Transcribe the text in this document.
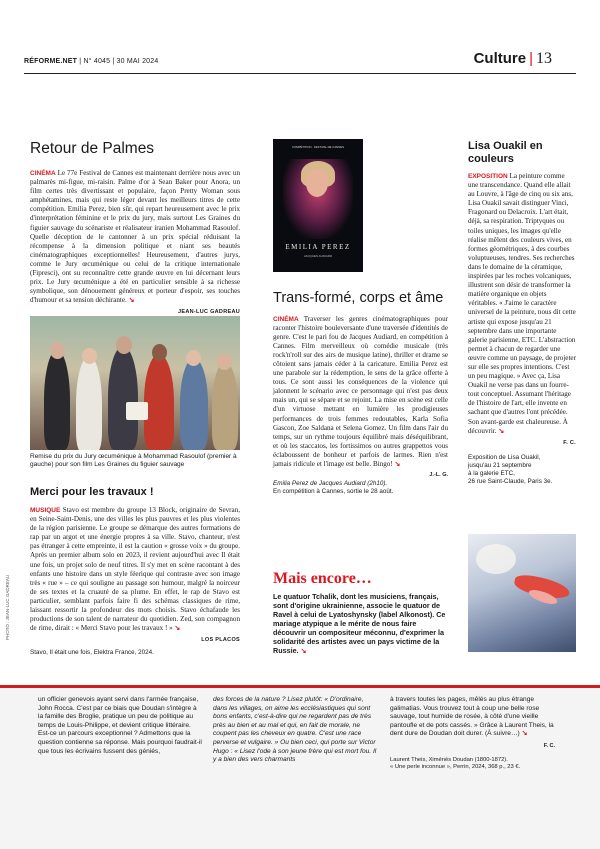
RÉFORME.NET | N° 4045 | 30 MAI 2024	Culture | 13
Retour de Palmes

CINÉMA Le 77e Festival de Cannes est maintenant derrière nous avec un palmarès mi-figue, mi-raisin. Palme d'or à Sean Baker pour Anora, un film certes très divertissant et populaire, façon Pretty Woman sous amphétamines, mais qui reste léger devant les meilleurs titres de cette compétition. Emilia Perez, bien sûr, qui repart heureusement avec le prix d'interprétation féminine et le prix du jury, mais surtout Les Graines du figuier sauvage du scénariste et réalisateur iranien Mohammad Rasoulof. Quelle déception de le cantonner à un prix spécial réduisant la récompense à la dimension politique et niant ses beautés cinématographiques exceptionnelles! Heureusement, d'autres jurys, comme le Jury œcuménique ou celui de la critique internationale (Fipresci), ont su reconnaître cette grande œuvre en lui décernant leurs prix. Le Jury œcuménique a été en particulier sensible à sa richesse symbolique, son dénouement généreux et porteur d'espoir, ses touches d'humour et sa tension déchirante. ↘

JEAN-LUC GADREAU
Remise du prix du Jury œcuménique à Mohammad Rasoulof (premier à gauche) pour son film Les Graines du figuier sauvage
Merci pour les travaux !

MUSIQUE Stavo est membre du groupe 13 Block, originaire de Sevran, en Seine-Saint-Denis, une des villes les plus pauvres et les plus violentes de la région parisienne. Le groupe se démarque des autres formations de rap par un argot et une énergie propres à sa ville. Stavo, chanteur, n'est pas étranger à cette empreinte, il est la caution « grosse voix » du groupe. Après un premier album solo en 2023, il revient aujourd'hui avec Il était une fois, un projet solo de neuf titres. Il s'y met en scène racontant à des enfants une histoire dans un style féerique qui contraste avec son image très « rue » – ce qui souligne au passage son humour, malgré la noirceur de ses textes et la cruauté de sa plume. En effet, le rap de Stavo est particulier, semblant parfois faire fi des schémas classiques de rime, laissant ressortir la profondeur des mots choisis. Stavo échafaude les productions de son talent de narrateur du quotidien. Zed, son compagnon de rime, dirait : « Merci Stavo pour les travaux ! » ↘

LOS PLACOS
Stavo, Il était une fois, Elektra France, 2024.
PHOTO : JEAN-LUC GADREAU
COMPÉTITION · FESTIVAL DE CANNES
EMILIA PEREZ
JACQUES AUDIARD
Trans-formé, corps et âme

CINÉMA Traverser les genres cinématographiques pour raconter l'histoire bouleversante d'une traversée d'identités de genre. C'est le pari fou de Jacques Audiard, en compétition à Cannes. Film merveilleux où comédie musicale (très rock'n'roll sur des airs de musique latine), thriller et drame se côtoient sans jamais céder à la caricature. Emilia Perez est une parabole sur la rédemption, le sens de la grâce offerte à tous. Ce sont aussi les conséquences de la violence qui jalonnent le scénario avec ce personnage qui n'est pas deux mais un, qui se sépare et se rejoint. La mise en scène est celle d'un virtuose mettant en lumière les prodigieuses performances de trois femmes redoutables, Karla Sofia Gascon, Zoe Saldana et Selena Gomez. Un film dans l'air du temps, sur un rythme toujours équilibré mais déséquilibrant, et où les staccatos, les fortissimos ou autres grappettos vous éclaboussent de bonheur et parfois de larmes. Rien n'est jamais ridicule et l'image est belle. Bingo! ↘

J.-L. G.
Emilia Perez de Jacques Audiard (2h10).
En compétition à Cannes, sortie le 28 août.
Mais encore…

Le quatuor Tchalik, dont les musiciens, français, sont d'origine ukrainienne, associe le quatuor de Ravel à celui de Lyatoshynsky (label Alkonost). Ce mariage atypique a le mérite de nous faire découvrir un compositeur méconnu, d'exprimer la solidarité des artistes avec un pays victime de la Russie. ↘

Lisa Ouakil en couleurs

EXPOSITION La peinture comme une transcendance. Quand elle allait au Louvre, à l'âge de cinq ou six ans, Lisa Ouakil savait distinguer Vinci, Fragonard ou Delacroix. L'art était, déjà, sa respiration. Triptyques ou toiles uniques, les images qu'elle réalise mêlent des couleurs vives, en formes géométriques, à des courbes voluptueuses, tendres. Ses recherches dans le domaine de la céramique, inspirées par les roches volcaniques, illustrent son désir de transformer la matière organique en objets véritables. « J'aime le caractère universel de la peinture, nous dit cette artiste qui expose jusqu'au 21 septembre dans une importante galerie parisienne, ETC. L'abstraction permet à chacun de regarder une œuvre comme un paysage, de projeter sur elle ses propres intentions. C'est un peu magique. » Avec ça, Lisa Ouakil ne verse pas dans un fourre-tout conceptuel. Assumant l'héritage de l'histoire de l'art, elle invente en sachant que d'autres l'ont précédée. Son avant-garde est chaleureuse. À découvrir. ↘

F. C.
Exposition de Lisa Ouakil,
jusqu'au 21 septembre
à la galerie ETC,
26 rue Saint-Claude, Paris 3e.
un officier genevois ayant servi dans l'armée française, John Rocca. C'est par ce biais que Doudan s'intègre à la famille des Broglie, pratique un peu de politique au temps de Louis-Philippe, et devient critique littéraire. Est-ce un parcours exceptionnel ? Admettons que la question contienne sa réponse. Mais pourquoi faudrait-il que tous les écrivains fussent des géniés,
des forces de la nature ? Lisez plutôt: « D'ordinaire, dans les villages, on aime les ecclésiastiques qui sont bons enfants, c'est-à-dire qui ne regardent pas de très près au bien et au mal et qui, en fait de morale, ne coupent pas les cheveux en quatre. C'est une race perverse et vulgaire. » Ou bien ceci, qui porte sur Victor Hugo : « Lisez l'ode à son jeune frère qui est mort fou. Il y a bien des vers charmants
à travers toutes les pages, mêlés au plus étrange galimatias. Vous trouvez tout à coup une belle rose sauvage, tout humide de rosée, à côté d'une vieille pantoufle et de pots cassés. » Grâce à Laurent Theis, la dent dure de Doudan doit durer. (À suivre…) ↘
F. C.
Laurent Theis, Ximénès Doudan (1800-1872).
« Une perle inconnue », Perrin, 2024, 368 p., 23 €.
